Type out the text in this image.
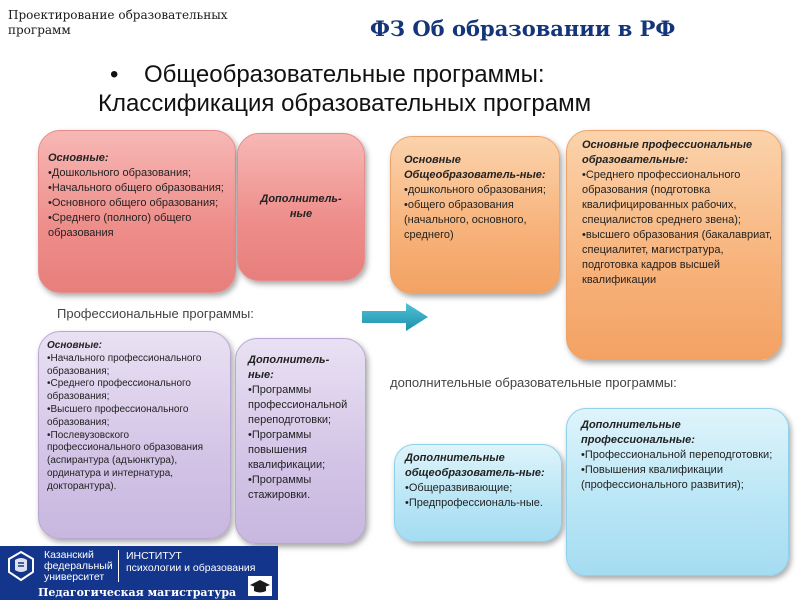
Проектирование образовательных
программ	ФЗ Об образовании в РФ
• Общеобразовательные программы:
Классификация образовательных программ
Основные:
•Дошкольного образования;
•Начального общего образования;
•Основного общего образования;
•Среднего (полного) общего образования
Дополнитель-
ные
Профессиональные программы:
Основные:
•Начального профессионального образования;
•Среднего профессионального образования;
•Высшего профессионального образования;
•Послевузовского профессионального образования (аспирантура (адъюнктура), ординатура и интернатура, докторантура).
Дополнитель-
ные:
•Программы профессиональной переподготовки;
•Программы повышения квалификации;
•Программы стажировки.
Основные Общеобразователь-ные:
•дошкольного образования;
•общего образования (начального, основного, среднего)
Основные профессиональные образовательные:
•Среднего профессионального образования (подготовка квалифицированных рабочих, специалистов среднего звена);
•высшего образования (бакалавриат, специалитет, магистратура, подготовка кадров высшей квалификации
дополнительные образовательные программы:
Дополнительные общеобразователь-ные:
•Общеразвивающие;
•Предпрофессиональ-ные.
Дополнительные профессиональные:
•Профессиональной переподготовки;
•Повышения квалификации (профессионального развития);
Казанский
федеральный
университет
ИНСТИТУТ
психологии и образования
Педагогическая магистратура
